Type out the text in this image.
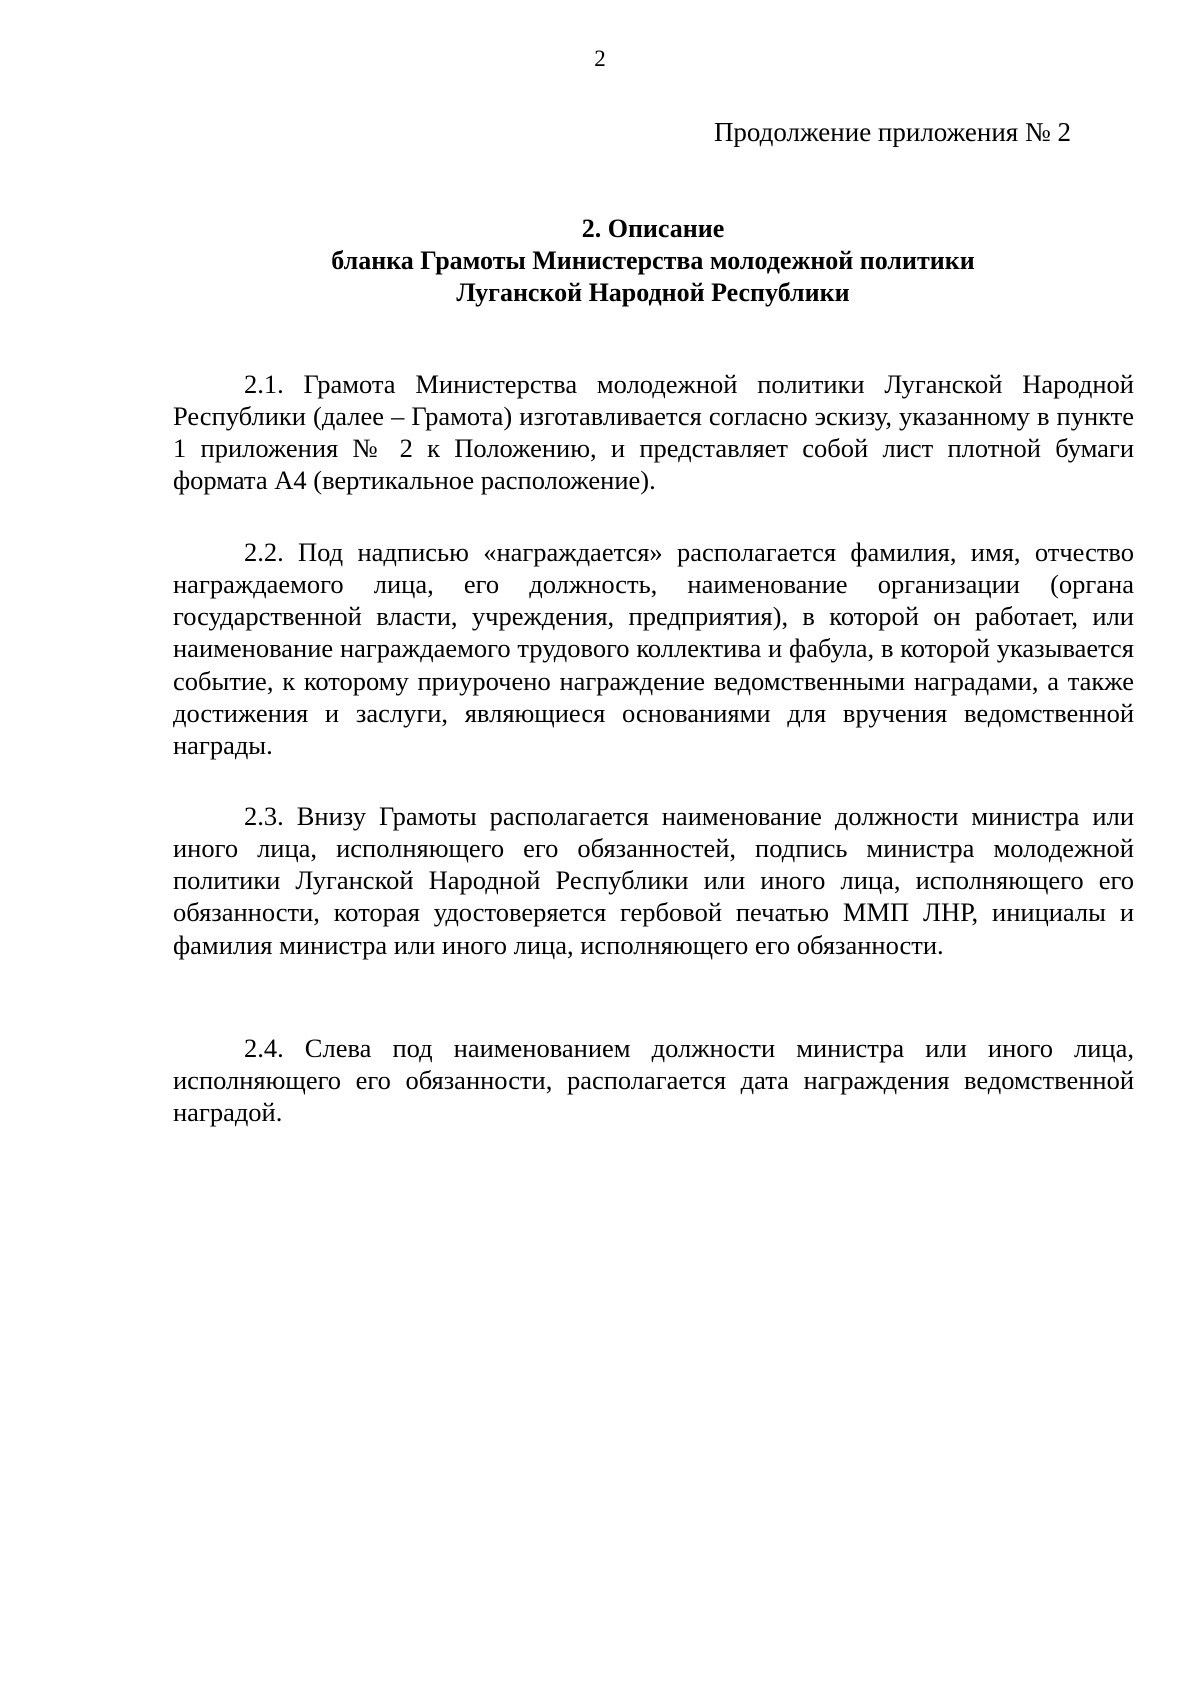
2
Продолжение приложения № 2
2. Описание
бланка Грамоты Министерства молодежной политики
Луганской Народной Республики

2.1. Грамота Министерства молодежной политики Луганской Народной Республики (далее – Грамота) изготавливается согласно эскизу, указанному в пункте 1 приложения № 2 к Положению, и представляет собой лист плотной бумаги формата А4 (вертикальное расположение).

2.2. Под надписью «награждается» располагается фамилия, имя, отчество награждаемого лица, его должность, наименование организации (органа государственной власти, учреждения, предприятия), в которой он работает, или наименование награждаемого трудового коллектива и фабула, в которой указывается событие, к которому приурочено награждение ведомственными наградами, а также достижения и заслуги, являющиеся основаниями для вручения ведомственной награды.

2.3. Внизу Грамоты располагается наименование должности министра или иного лица, исполняющего его обязанностей, подпись министра молодежной политики Луганской Народной Республики или иного лица, исполняющего его обязанности, которая удостоверяется гербовой печатью ММП ЛНР, инициалы и фамилия министра или иного лица, исполняющего его обязанности.

2.4. Слева под наименованием должности министра или иного лица, исполняющего его обязанности, располагается дата награждения ведомственной наградой.
